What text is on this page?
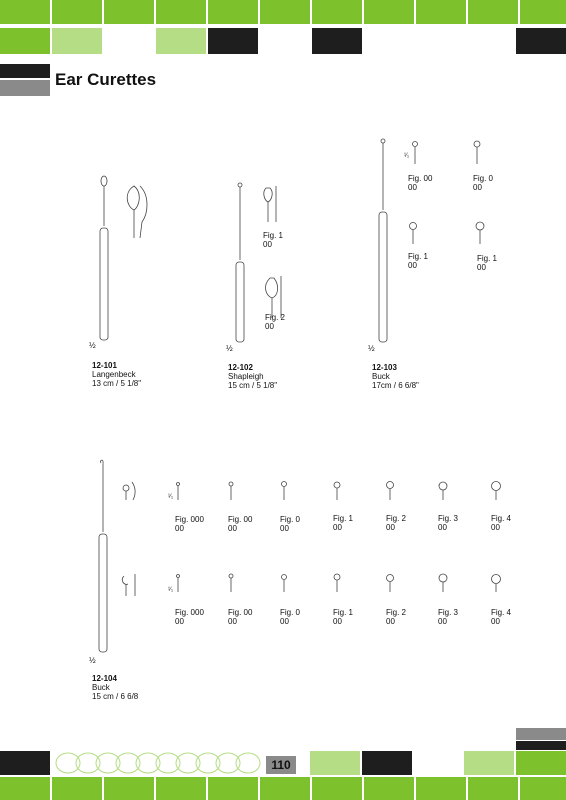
Ear Curettes
½
12-101
Langenbeck
13 cm / 5 1/8"
½
12-102
Shapleigh
15 cm / 5 1/8"
Fig. 1
00
Fig. 2
00
½
12-103
Buck
17cm / 6 6/8"
¹⁄₁
Fig. 00
00
Fig. 0
00
Fig. 1
00
Fig. 1
00
½
12-104
Buck
15 cm / 6 6/8
¹⁄₁
¹⁄₁
Fig. 000
00
Fig. 00
00
Fig. 0
00
Fig. 1
00
Fig. 2
00
Fig. 3
00
Fig. 4
00
Fig. 000
00
Fig. 00
00
Fig. 0
00
Fig. 1
00
Fig. 2
00
Fig. 3
00
Fig. 4
00
110
